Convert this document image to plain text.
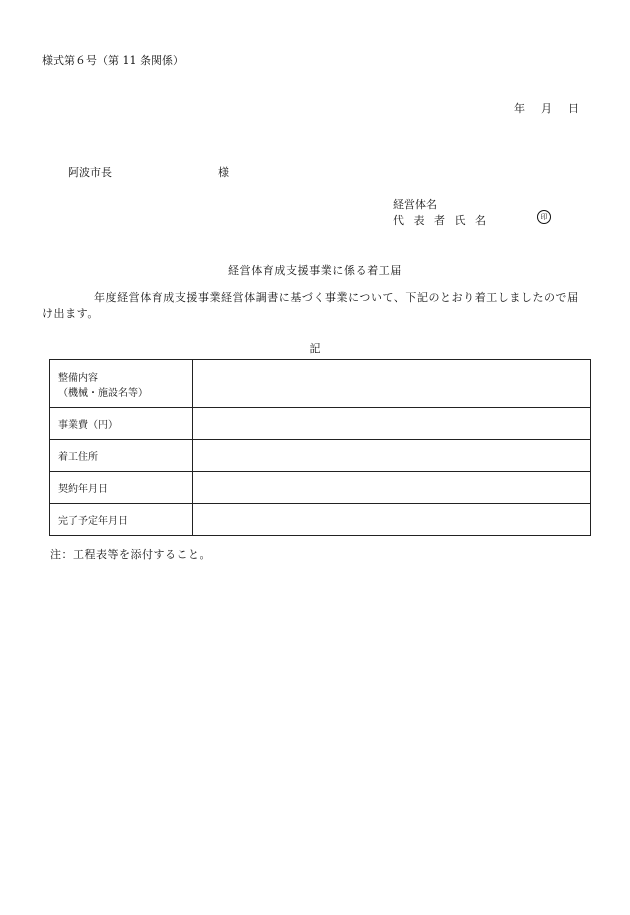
様式第６号（第 11 条関係）
年 月 日
阿波市長	様
経営体名
代 表 者 氏 名	印
経営体育成支援事業に係る着工届
年度経営体育成支援事業経営体調書に基づく事業について、下記のとおり着工しましたので届け出ます。
記
整備内容
（機械・施設名等）	

事業費（円）	
着工住所	
契約年月日	
完了予定年月日	
注：工程表等を添付すること。
